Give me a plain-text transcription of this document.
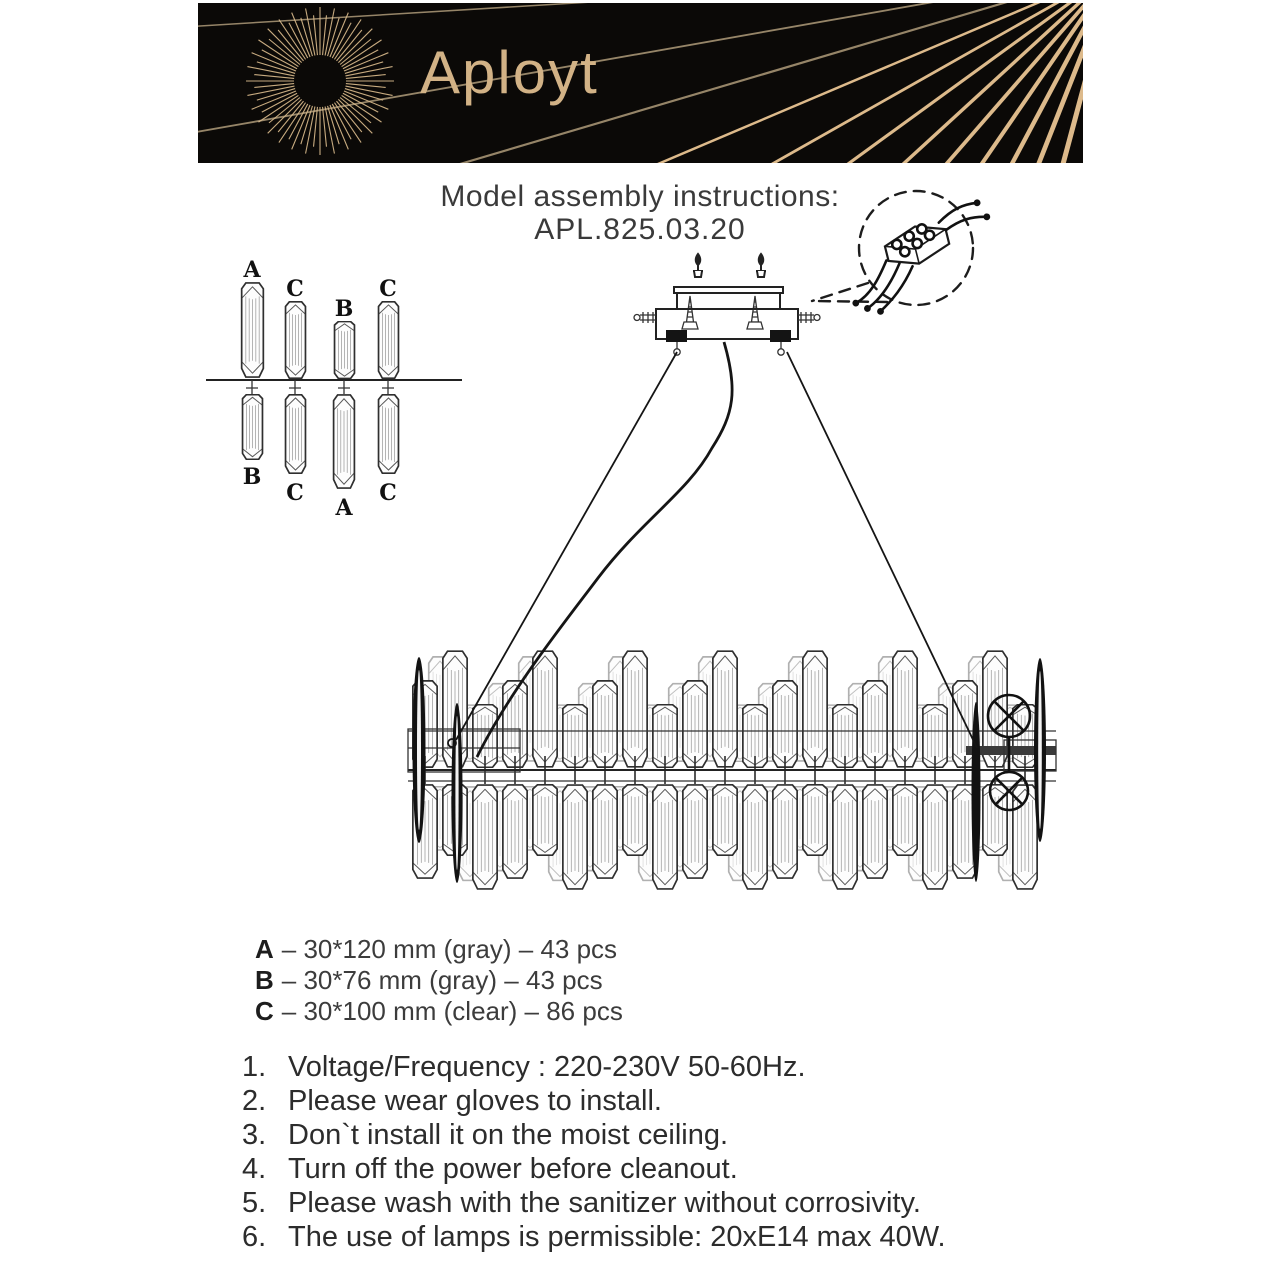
Aployt
Model assembly instructions:
APL.825.03.20
A
C
B
C
B
C
A
C
A – 30*120 mm (gray) – 43 pcs
B – 30*76 mm (gray) – 43 pcs
C – 30*100 mm (clear) – 86 pcs
1. Voltage/Frequency : 220-230V 50-60Hz.
2. Please wear gloves to install.
3. Don`t install it on the moist ceiling.
4. Turn off the power before cleanout.
5. Please wash with the sanitizer without corrosivity.
6. The use of lamps is permissible: 20xE14 max 40W.
